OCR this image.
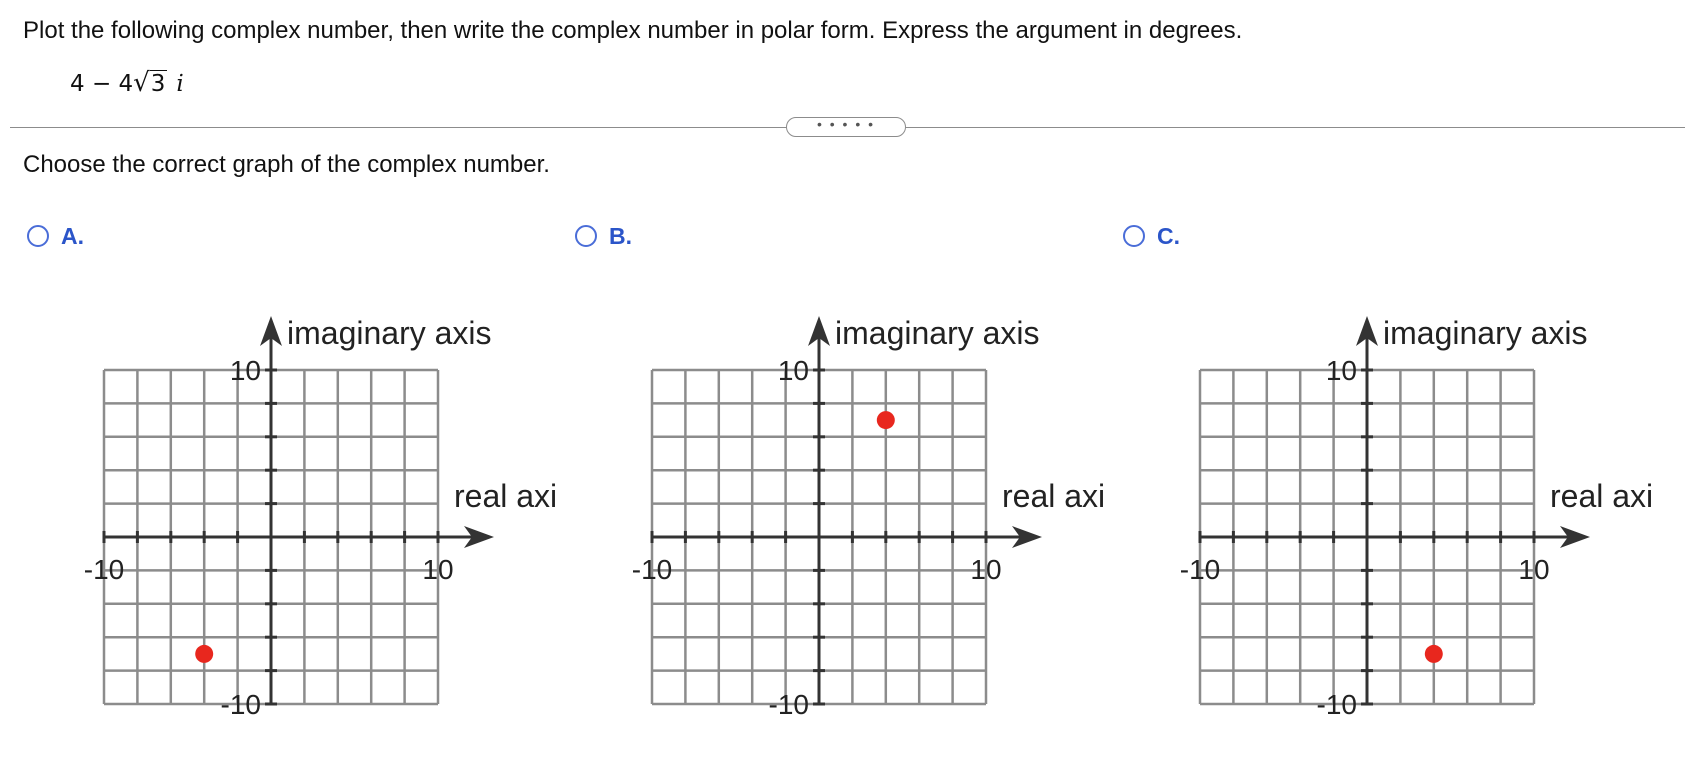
Plot the following complex number, then write the complex number in polar form. Express the argument in degrees.
4 − 4√3 i
• • • • •
Choose the correct graph of the complex number.
A.	B.	C.
-10	10
10
-10
imaginary axis
real axi
-10	10
10
-10
imaginary axis
real axi
-10	10
10
-10
imaginary axis
real axi
